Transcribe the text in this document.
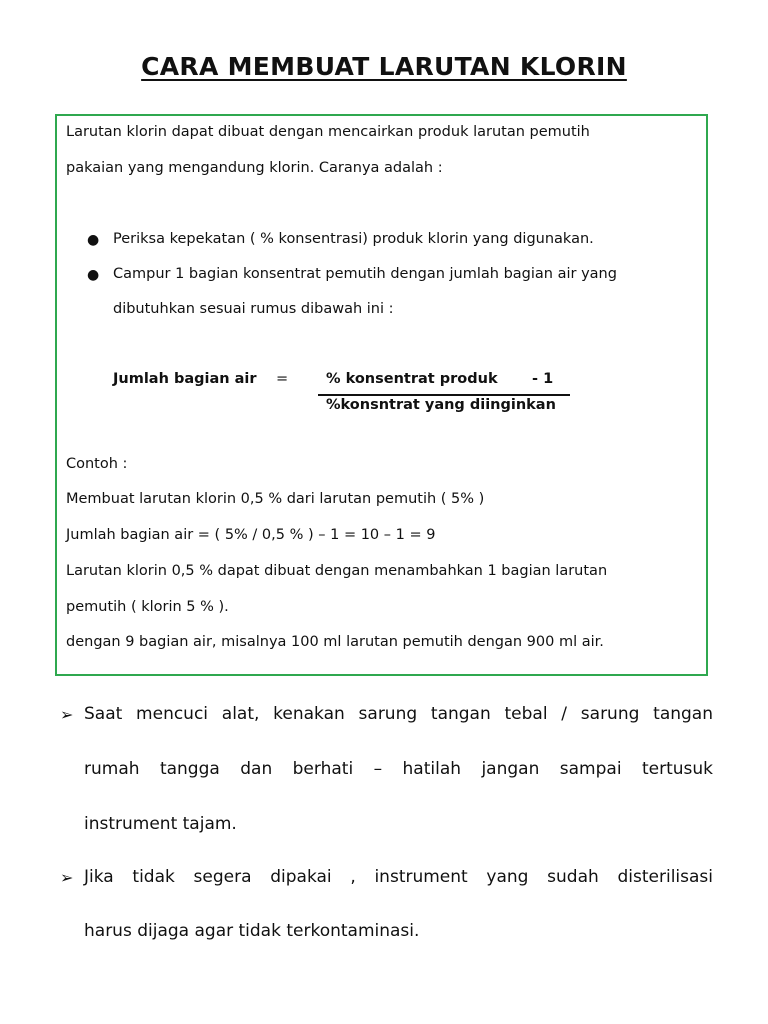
CARA MEMBUAT LARUTAN KLORIN
Larutan klorin dapat dibuat dengan mencairkan produk larutan pemutih
pakaian yang mengandung klorin. Caranya adalah :
● Periksa kepekatan ( % konsentrasi) produk klorin yang digunakan.
● Campur 1 bagian konsentrat pemutih dengan jumlah bagian air yang
dibutuhkan sesuai rumus dibawah ini :
Jumlah bagian air =	% konsentrat produk - 1
%konsntrat yang diinginkan
Contoh :
Membuat larutan klorin 0,5 % dari larutan pemutih ( 5% )
Jumlah bagian air = ( 5% / 0,5 % ) – 1 = 10 – 1 = 9
Larutan klorin 0,5 % dapat dibuat dengan menambahkan 1 bagian larutan
pemutih ( klorin 5 % ).
dengan 9 bagian air, misalnya 100 ml larutan pemutih dengan 900 ml air.
➢ Saat mencuci alat, kenakan sarung tangan tebal / sarung tangan
rumah tangga dan berhati – hatilah jangan sampai tertusuk
instrument tajam.
➢ Jika tidak segera dipakai , instrument yang sudah disterilisasi
harus dijaga agar tidak terkontaminasi.
